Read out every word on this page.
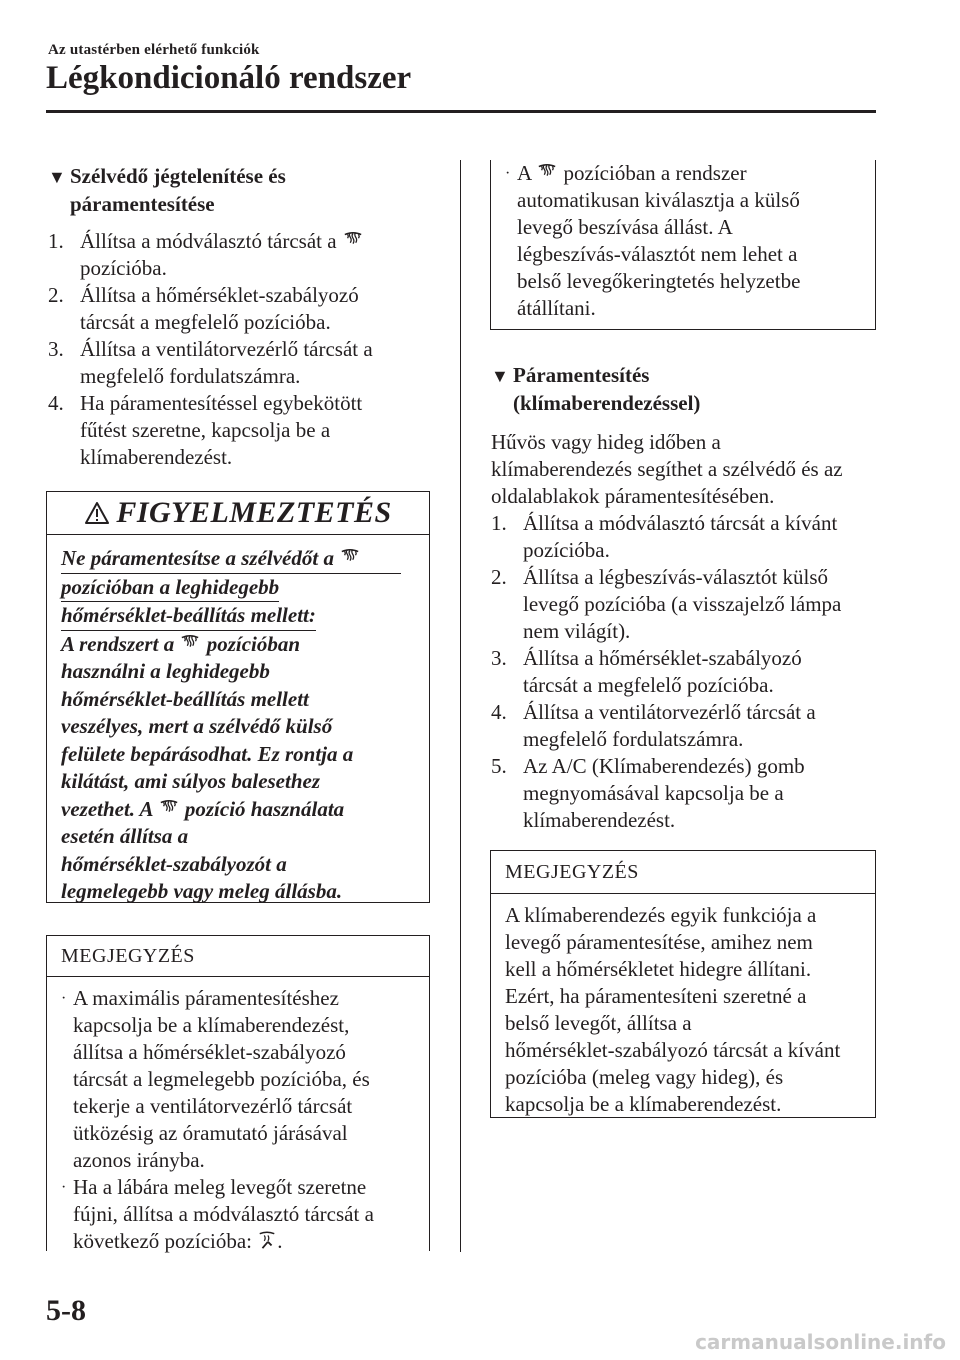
Az utastérben elérhető funkciók
Légkondicionáló rendszer
▼ Szélvédő jégtelenítése és
páramentesítése
1. Állítsa a módválasztó tárcsát a
pozícióba.
2. Állítsa a hőmérséklet-szabályozó
tárcsát a megfelelő pozícióba.
3. Állítsa a ventilátorvezérlő tárcsát a
megfelelő fordulatszámra.
4. Ha páramentesítéssel egybekötött
fűtést szeretne, kapcsolja be a
klímaberendezést.
FIGYELMEZTETÉS
Ne páramentesítse a szélvédőt a
pozícióban a leghidegebb
hőmérséklet-beállítás mellett:
A rendszert a pozícióban
használni a leghidegebb
hőmérséklet-beállítás mellett
veszélyes, mert a szélvédő külső
felülete bepárásodhat. Ez rontja a
kilátást, ami súlyos balesethez
vezethet. A pozíció használata
esetén állítsa a
hőmérséklet-szabályozót a
legmelegebb vagy meleg állásba.
MEGJEGYZÉS
· A maximális páramentesítéshez
kapcsolja be a klímaberendezést,
állítsa a hőmérséklet-szabályozó
tárcsát a legmelegebb pozícióba, és
tekerje a ventilátorvezérlő tárcsát
ütközésig az óramutató járásával
azonos irányba.
· Ha a lábára meleg levegőt szeretne
fújni, állítsa a módválasztó tárcsát a
következő pozícióba: .
· A pozícióban a rendszer
automatikusan kiválasztja a külső
levegő beszívása állást. A
légbeszívás-választót nem lehet a
belső levegőkeringtetés helyzetbe
átállítani.
▼ Páramentesítés
(klímaberendezéssel)
Hűvös vagy hideg időben a
klímaberendezés segíthet a szélvédő és az
oldalablakok páramentesítésében.
1. Állítsa a módválasztó tárcsát a kívánt
pozícióba.
2. Állítsa a légbeszívás-választót külső
levegő pozícióba (a visszajelző lámpa
nem világít).
3. Állítsa a hőmérséklet-szabályozó
tárcsát a megfelelő pozícióba.
4. Állítsa a ventilátorvezérlő tárcsát a
megfelelő fordulatszámra.
5. Az A/C (Klímaberendezés) gomb
megnyomásával kapcsolja be a
klímaberendezést.
MEGJEGYZÉS
A klímaberendezés egyik funkciója a
levegő páramentesítése, amihez nem
kell a hőmérsékletet hidegre állítani.
Ezért, ha páramentesíteni szeretné a
belső levegőt, állítsa a
hőmérséklet-szabályozó tárcsát a kívánt
pozícióba (meleg vagy hideg), és
kapcsolja be a klímaberendezést.
5-8
carmanualsonline.info
